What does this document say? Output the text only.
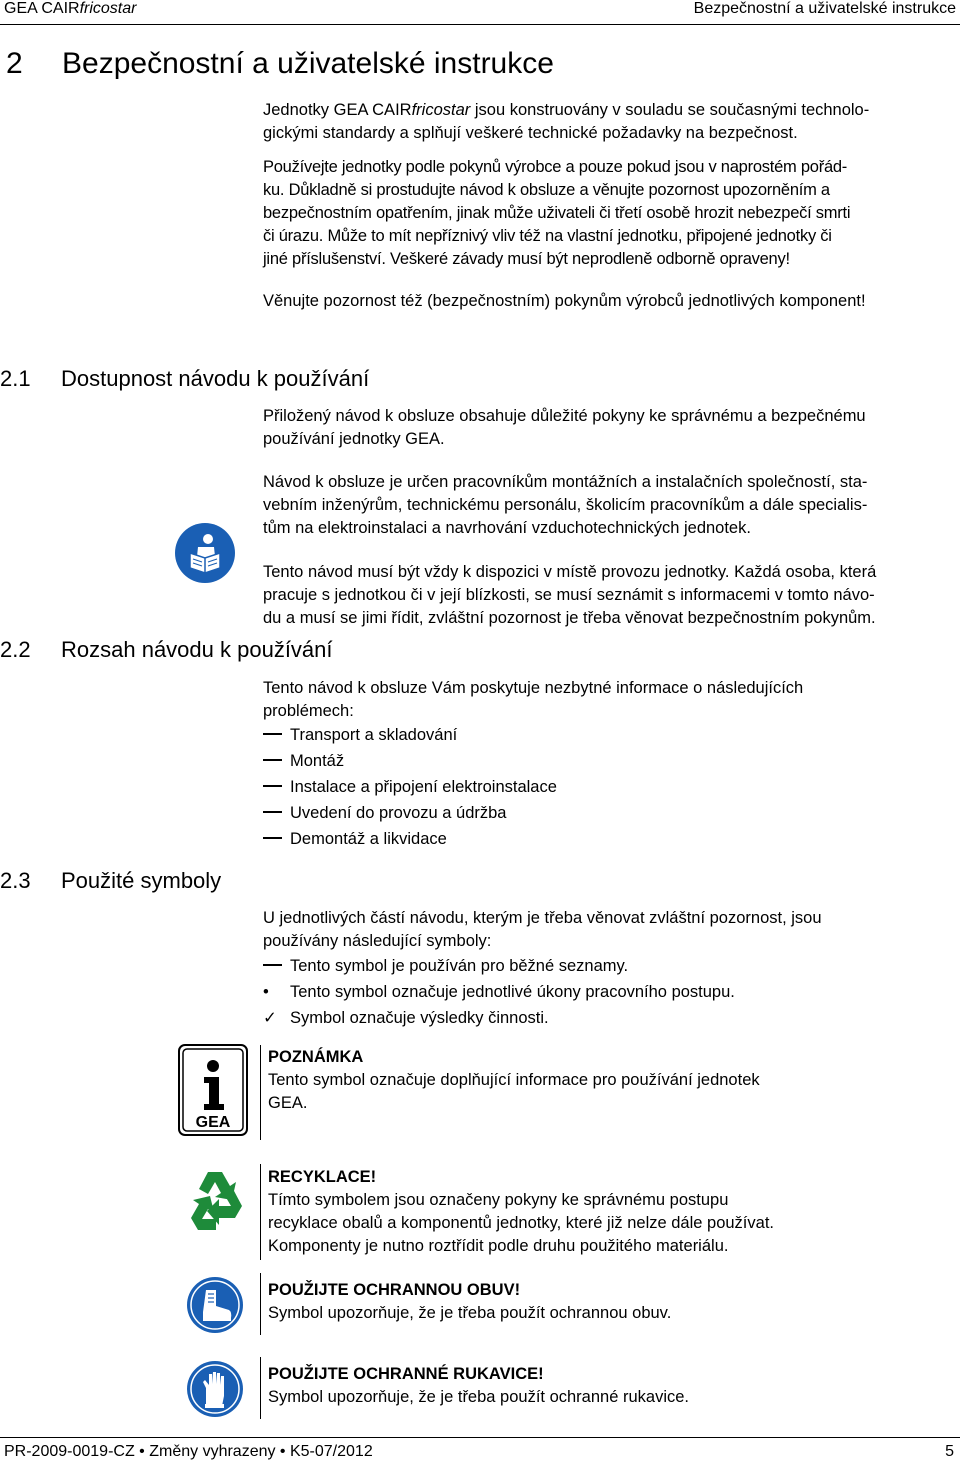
GEA CAIRfricostar	Bezpečnostní a uživatelské instrukce
2 Bezpečnostní a uživatelské instrukce
Jednotky GEA CAIRfricostar jsou konstruovány v souladu se současnými technolo-
gickými standardy a splňují veškeré technické požadavky na bezpečnost.
Používejte jednotky podle pokynů výrobce a pouze pokud jsou v naprostém pořád-
ku. Důkladně si prostudujte návod k obsluze a věnujte pozornost upozorněním a
bezpečnostním opatřením, jinak může uživateli či třetí osobě hrozit nebezpečí smrti
či úrazu. Může to mít nepříznivý vliv též na vlastní jednotku, připojené jednotky či
jiné příslušenství. Veškeré závady musí být neprodleně odborně opraveny!
Věnujte pozornost též (bezpečnostním) pokynům výrobců jednotlivých komponent!
2.1 Dostupnost návodu k používání
Přiložený návod k obsluze obsahuje důležité pokyny ke správnému a bezpečnému
používání jednotky GEA.
Návod k obsluze je určen pracovníkům montážních a instalačních společností, sta-
vebním inženýrům, technickému personálu, školicím pracovníkům a dále specialis-
tům na elektroinstalaci a navrhování vzduchotechnických jednotek.
Tento návod musí být vždy k dispozici v místě provozu jednotky. Každá osoba, která
pracuje s jednotkou či v její blízkosti, se musí seznámit s informacemi v tomto návo-
du a musí se jimi řídit, zvláštní pozornost je třeba věnovat bezpečnostním pokynům.
2.2 Rozsah návodu k používání
Tento návod k obsluze Vám poskytuje nezbytné informace o následujících
problémech:
Transport a skladování
Montáž
Instalace a připojení elektroinstalace
Uvedení do provozu a údržba
Demontáž a likvidace
2.3 Použité symboly
U jednotlivých částí návodu, kterým je třeba věnovat zvláštní pozornost, jsou
používány následující symboly:
Tento symbol je používán pro běžné seznamy.
•	Tento symbol označuje jednotlivé úkony pracovního postupu.
✓ Symbol označuje výsledky činnosti.
GEA
POZNÁMKA
Tento symbol označuje doplňující informace pro používání jednotek
GEA.
RECYKLACE!
Tímto symbolem jsou označeny pokyny ke správnému postupu
recyklace obalů a komponentů jednotky, které již nelze dále používat.
Komponenty je nutno roztřídit podle druhu použitého materiálu.
POUŽIJTE OCHRANNOU OBUV!
Symbol upozorňuje, že je třeba použít ochrannou obuv.
POUŽIJTE OCHRANNÉ RUKAVICE!
Symbol upozorňuje, že je třeba použít ochranné rukavice.
PR-2009-0019-CZ • Změny vyhrazeny • K5-07/2012	5
